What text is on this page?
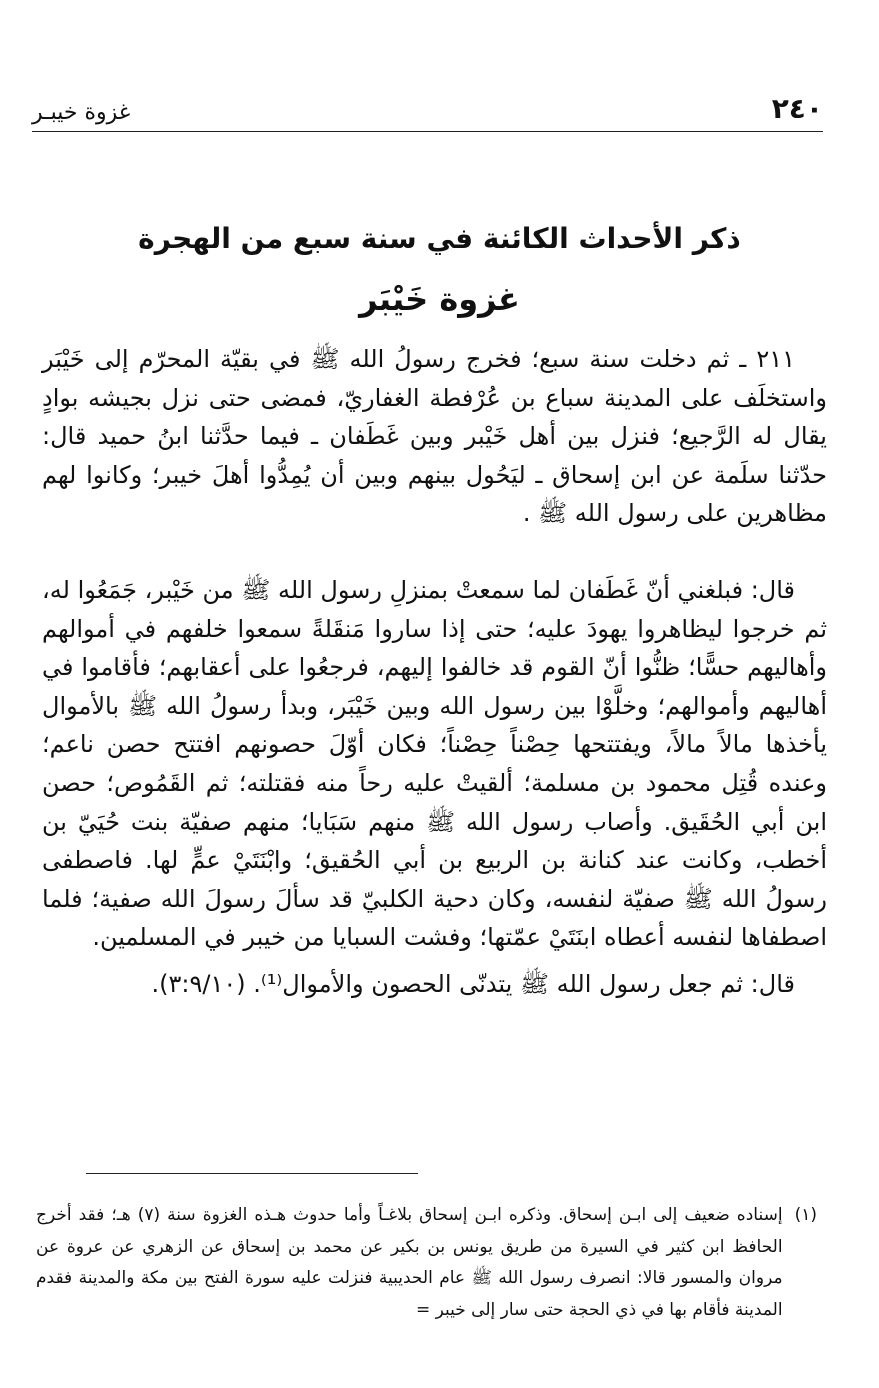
٢٤٠
غزوة خيبـر
ذكر الأحداث الكائنة في سنة سبع من الهجرة
غزوة خَيْبَر

٢١١ ـ ثم دخلت سنة سبع؛ فخرج رسولُ الله ﷺ في بقيّة المحرّم إلى خَيْبَر واستخلَف على المدينة سباع بن عُرْفطة الغفاريّ، فمضى حتى نزل بجيشه بوادٍ يقال له الرَّجيع؛ فنزل بين أهل خَيْبر وبين غَطَفان ـ فيما حدَّثنا ابنُ حميد قال: حدّثنا سلَمة عن ابن إسحاق ـ ليَحُول بينهم وبين أن يُمِدُّوا أهلَ خيبر؛ وكانوا لهم مظاهرين على رسول الله ﷺ .

قال: فبلغني أنّ غَطَفان لما سمعتْ بمنزلِ رسول الله ﷺ من خَيْبر، جَمَعُوا له، ثم خرجوا ليظاهروا يهودَ عليه؛ حتى إذا ساروا مَنقَلةً سمعوا خلفهم في أموالهم وأهاليهم حسًّا؛ ظنُّوا أنّ القوم قد خالفوا إليهم، فرجعُوا على أعقابهم؛ فأقاموا في أهاليهم وأموالهم؛ وخلَّوْا بين رسول الله وبين خَيْبَر، وبدأ رسولُ الله ﷺ بالأموال يأخذها مالاً مالاً، ويفتتحها حِصْناً حِصْناً؛ فكان أوّلَ حصونهم افتتح حصن ناعم؛ وعنده قُتِل محمود بن مسلمة؛ ألقيتْ عليه رحاً منه فقتلته؛ ثم القَمُوص؛ حصن ابن أبي الحُقَيق. وأصاب رسول الله ﷺ منهم سَبَايا؛ منهم صفيّة بنت حُيَيّ بن أخطب، وكانت عند كنانة بن الربيع بن أبي الحُقيق؛ وابْنَتَيْ عمٍّ لها. فاصطفى رسولُ الله ﷺ صفيّة لنفسه، وكان دحية الكلبيّ قد سألَ رسولَ الله صفية؛ فلما اصطفاها لنفسه أعطاه ابنَتَيْ عمّتها؛ وفشت السبايا من خيبر في المسلمين.

قال: ثم جعل رسول الله ﷺ يتدنّى الحصون والأموال⁽¹⁾. (٣:٩/١٠).

(١)
إسناده ضعيف إلى ابـن إسحاق. وذكره ابـن إسحاق بلاغـاً وأما حدوث هـذه الغزوة سنة (٧) هـ؛ فقد أخرج الحافظ ابن كثير في السيرة من طريق يونس بن بكير عن محمد بن إسحاق عن الزهري عن عروة عن مروان والمسور قالا: انصرف رسول الله ﷺ عام الحديبية فنزلت عليه سورة الفتح بين مكة والمدينة فقدم المدينة فأقام بها في ذي الحجة حتى سار إلى خيبر =
